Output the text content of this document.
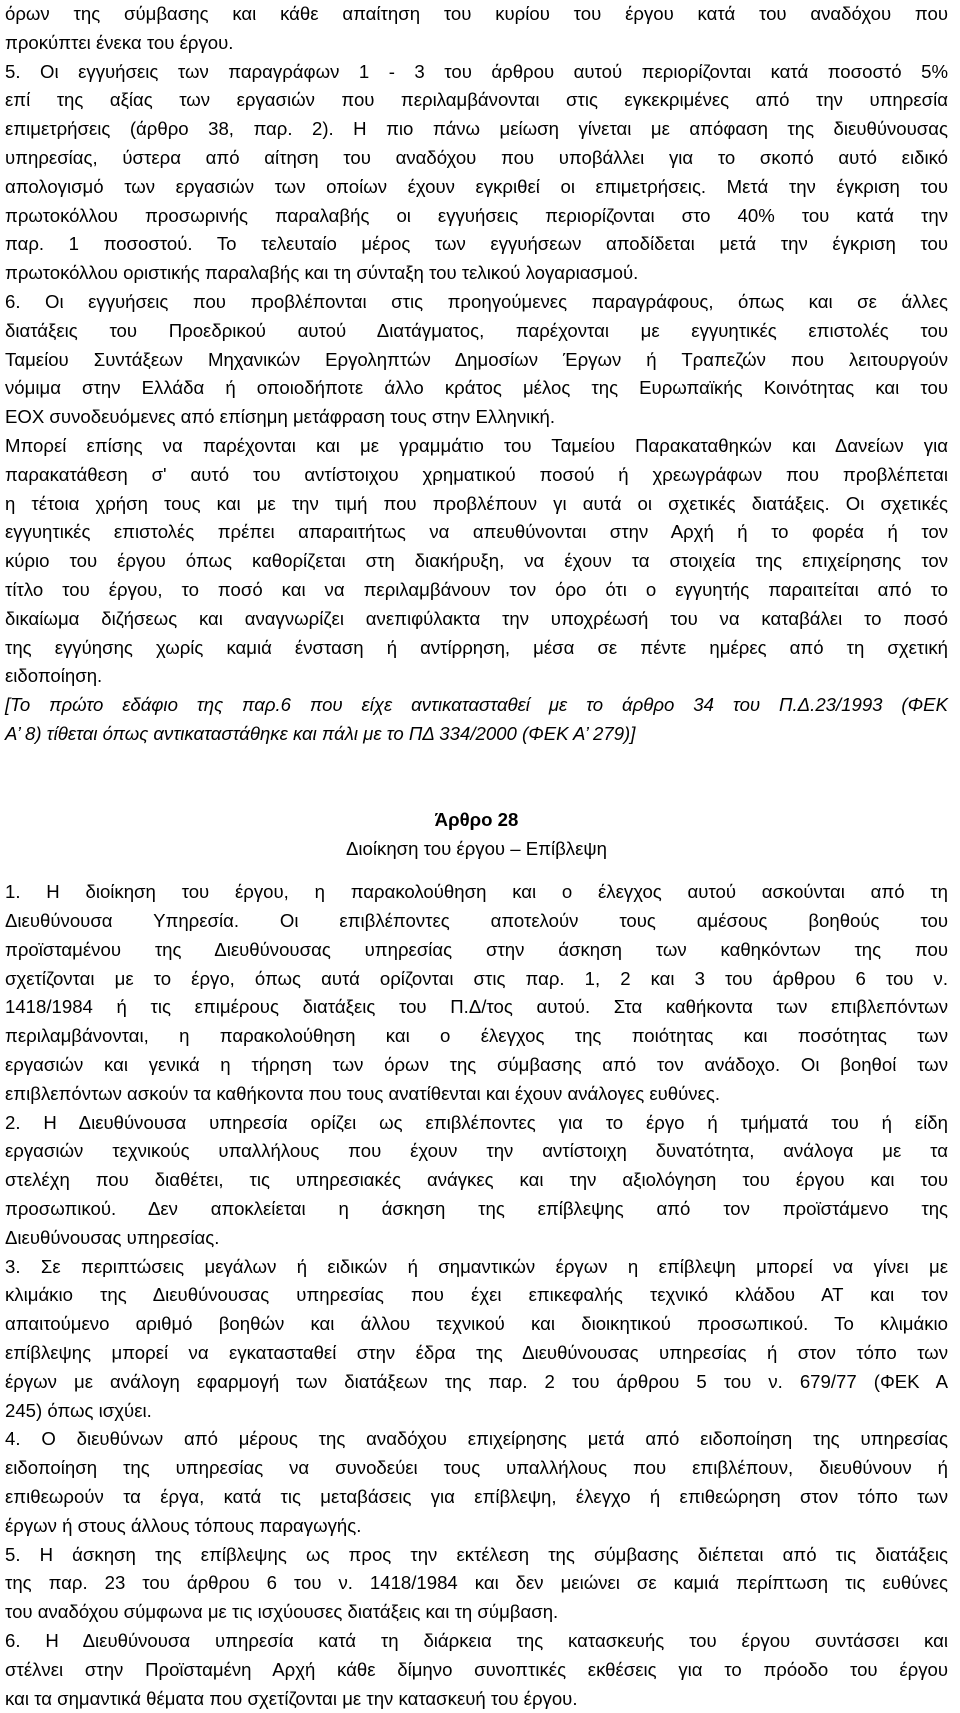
όρων της σύμβασης και κάθε απαίτηση του κυρίου του έργου κατά του αναδόχου που
προκύπτει ένεκα του έργου.
5. Οι εγγυήσεις των παραγράφων 1 - 3 του άρθρου αυτού περιορίζονται κατά ποσοστό 5%
επί της αξίας των εργασιών που περιλαμβάνονται στις εγκεκριμένες από την υπηρεσία
επιμετρήσεις (άρθρο 38, παρ. 2). Η πιο πάνω μείωση γίνεται με απόφαση της διευθύνουσας
υπηρεσίας, ύστερα από αίτηση του αναδόχου που υποβάλλει για το σκοπό αυτό ειδικό
απολογισμό των εργασιών των οποίων έχουν εγκριθεί οι επιμετρήσεις. Μετά την έγκριση του
πρωτοκόλλου προσωρινής παραλαβής οι εγγυήσεις περιορίζονται στο 40% του κατά την
παρ. 1 ποσοστού. Το τελευταίο μέρος των εγγυήσεων αποδίδεται μετά την έγκριση του
πρωτοκόλλου οριστικής παραλαβής και τη σύνταξη του τελικού λογαριασμού.
6. Οι εγγυήσεις που προβλέπονται στις προηγούμενες παραγράφους, όπως και σε άλλες
διατάξεις του Προεδρικού αυτού Διατάγματος, παρέχονται με εγγυητικές επιστολές του
Ταμείου Συντάξεων Μηχανικών Εργοληπτών Δημοσίων Έργων ή Τραπεζών που λειτουργούν
νόμιμα στην Ελλάδα ή οποιοδήποτε άλλο κράτος μέλος της Ευρωπαϊκής Κοινότητας και του
ΕΟΧ συνοδευόμενες από επίσημη μετάφραση τους στην Ελληνική.
Μπορεί επίσης να παρέχονται και με γραμμάτιο του Ταμείου Παρακαταθηκών και Δανείων για
παρακατάθεση σ' αυτό του αντίστοιχου χρηματικού ποσού ή χρεωγράφων που προβλέπεται
η τέτοια χρήση τους και με την τιμή που προβλέπουν γι αυτά οι σχετικές διατάξεις. Οι σχετικές
εγγυητικές επιστολές πρέπει απαραιτήτως να απευθύνονται στην Αρχή ή το φορέα ή τον
κύριο του έργου όπως καθορίζεται στη διακήρυξη, να έχουν τα στοιχεία της επιχείρησης τον
τίτλο του έργου, το ποσό και να περιλαμβάνουν τον όρο ότι ο εγγυητής παραιτείται από το
δικαίωμα διζήσεως και αναγνωρίζει ανεπιφύλακτα την υποχρέωσή του να καταβάλει το ποσό
της εγγύησης χωρίς καμιά ένσταση ή αντίρρηση, μέσα σε πέντε ημέρες από τη σχετική
ειδοποίηση.
[Το πρώτο εδάφιο της παρ.6 που είχε αντικατασταθεί με το άρθρο 34 του Π.Δ.23/1993 (ΦΕΚ
Α’ 8) τίθεται όπως αντικαταστάθηκε και πάλι με το ΠΔ 334/2000 (ΦΕΚ Α’ 279)]
Άρθρο 28
Διοίκηση του έργου – Επίβλεψη
1. Η διοίκηση του έργου, η παρακολούθηση και ο έλεγχος αυτού ασκούνται από τη
Διευθύνουσα Υπηρεσία. Οι επιβλέποντες αποτελούν τους αμέσους βοηθούς του
προϊσταμένου της Διευθύνουσας υπηρεσίας στην άσκηση των καθηκόντων της που
σχετίζονται με το έργο, όπως αυτά ορίζονται στις παρ. 1, 2 και 3 του άρθρου 6 του ν.
1418/1984 ή τις επιμέρους διατάξεις του Π.Δ/τος αυτού. Στα καθήκοντα των επιβλεπόντων
περιλαμβάνονται, η παρακολούθηση και ο έλεγχος της ποιότητας και ποσότητας των
εργασιών και γενικά η τήρηση των όρων της σύμβασης από τον ανάδοχο. Οι βοηθοί των
επιβλεπόντων ασκούν τα καθήκοντα που τους ανατίθενται και έχουν ανάλογες ευθύνες.
2. Η Διευθύνουσα υπηρεσία ορίζει ως επιβλέποντες για το έργο ή τμήματά του ή είδη
εργασιών τεχνικούς υπαλλήλους που έχουν την αντίστοιχη δυνατότητα, ανάλογα με τα
στελέχη που διαθέτει, τις υπηρεσιακές ανάγκες και την αξιολόγηση του έργου και του
προσωπικού. Δεν αποκλείεται η άσκηση της επίβλεψης από τον προϊστάμενο της
Διευθύνουσας υπηρεσίας.
3. Σε περιπτώσεις μεγάλων ή ειδικών ή σημαντικών έργων η επίβλεψη μπορεί να γίνει με
κλιμάκιο της Διευθύνουσας υπηρεσίας που έχει επικεφαλής τεχνικό κλάδου ΑΤ και τον
απαιτούμενο αριθμό βοηθών και άλλου τεχνικού και διοικητικού προσωπικού. Το κλιμάκιο
επίβλεψης μπορεί να εγκατασταθεί στην έδρα της Διευθύνουσας υπηρεσίας ή στον τόπο των
έργων με ανάλογη εφαρμογή των διατάξεων της παρ. 2 του άρθρου 5 του ν. 679/77 (ΦΕΚ Α
245) όπως ισχύει.
4. Ο διευθύνων από μέρους της αναδόχου επιχείρησης μετά από ειδοποίηση της υπηρεσίας
ειδοποίηση της υπηρεσίας να συνοδεύει τους υπαλλήλους που επιβλέπουν, διευθύνουν ή
επιθεωρούν τα έργα, κατά τις μεταβάσεις για επίβλεψη, έλεγχο ή επιθεώρηση στον τόπο των
έργων ή στους άλλους τόπους παραγωγής.
5. Η άσκηση της επίβλεψης ως προς την εκτέλεση της σύμβασης διέπεται από τις διατάξεις
της παρ. 23 του άρθρου 6 του ν. 1418/1984 και δεν μειώνει σε καμιά περίπτωση τις ευθύνες
του αναδόχου σύμφωνα με τις ισχύουσες διατάξεις και τη σύμβαση.
6. Η Διευθύνουσα υπηρεσία κατά τη διάρκεια της κατασκευής του έργου συντάσσει και
στέλνει στην Προϊσταμένη Αρχή κάθε δίμηνο συνοπτικές εκθέσεις για το πρόοδο του έργου
και τα σημαντικά θέματα που σχετίζονται με την κατασκευή του έργου.
